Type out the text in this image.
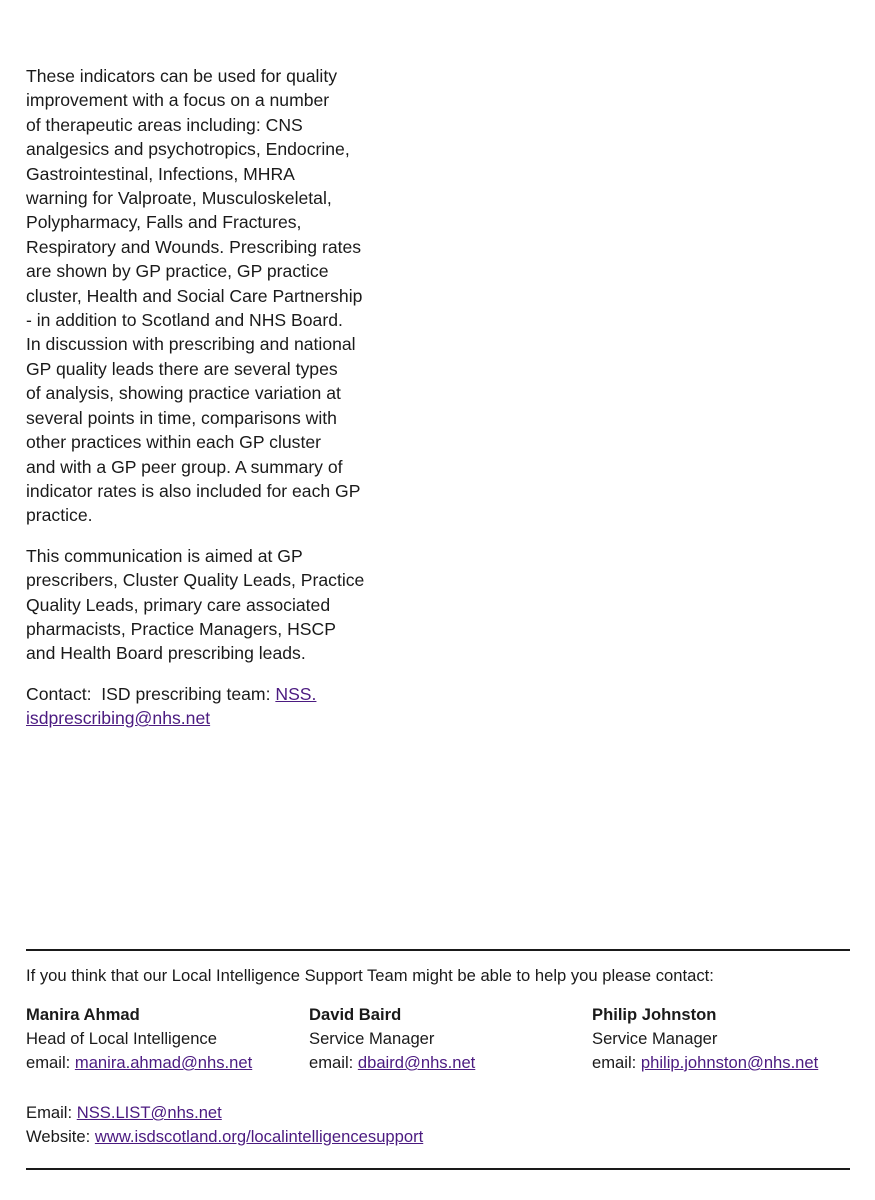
These indicators can be used for quality
improvement with a focus on a number
of therapeutic areas including: CNS
analgesics and psychotropics, Endocrine,
Gastrointestinal, Infections, MHRA
warning for Valproate, Musculoskeletal,
Polypharmacy, Falls and Fractures,
Respiratory and Wounds. Prescribing rates
are shown by GP practice, GP practice
cluster, Health and Social Care Partnership
- in addition to Scotland and NHS Board.
In discussion with prescribing and national
GP quality leads there are several types
of analysis, showing practice variation at
several points in time, comparisons with
other practices within each GP cluster
and with a GP peer group. A summary of
indicator rates is also included for each GP
practice.

This communication is aimed at GP
prescribers, Cluster Quality Leads, Practice
Quality Leads, primary care associated
pharmacists, Practice Managers, HSCP
and Health Board prescribing leads.

Contact:  ISD prescribing team: NSS.
isdprescribing@nhs.net

If you think that our Local Intelligence Support Team might be able to help you please contact:
Manira Ahmad
Head of Local Intelligence
email: manira.ahmad@nhs.net
David Baird
Service Manager
email: dbaird@nhs.net
Philip Johnston
Service Manager
email: philip.johnston@nhs.net
Email: NSS.LIST@nhs.net
Website: www.isdscotland.org/localintelligencesupport
